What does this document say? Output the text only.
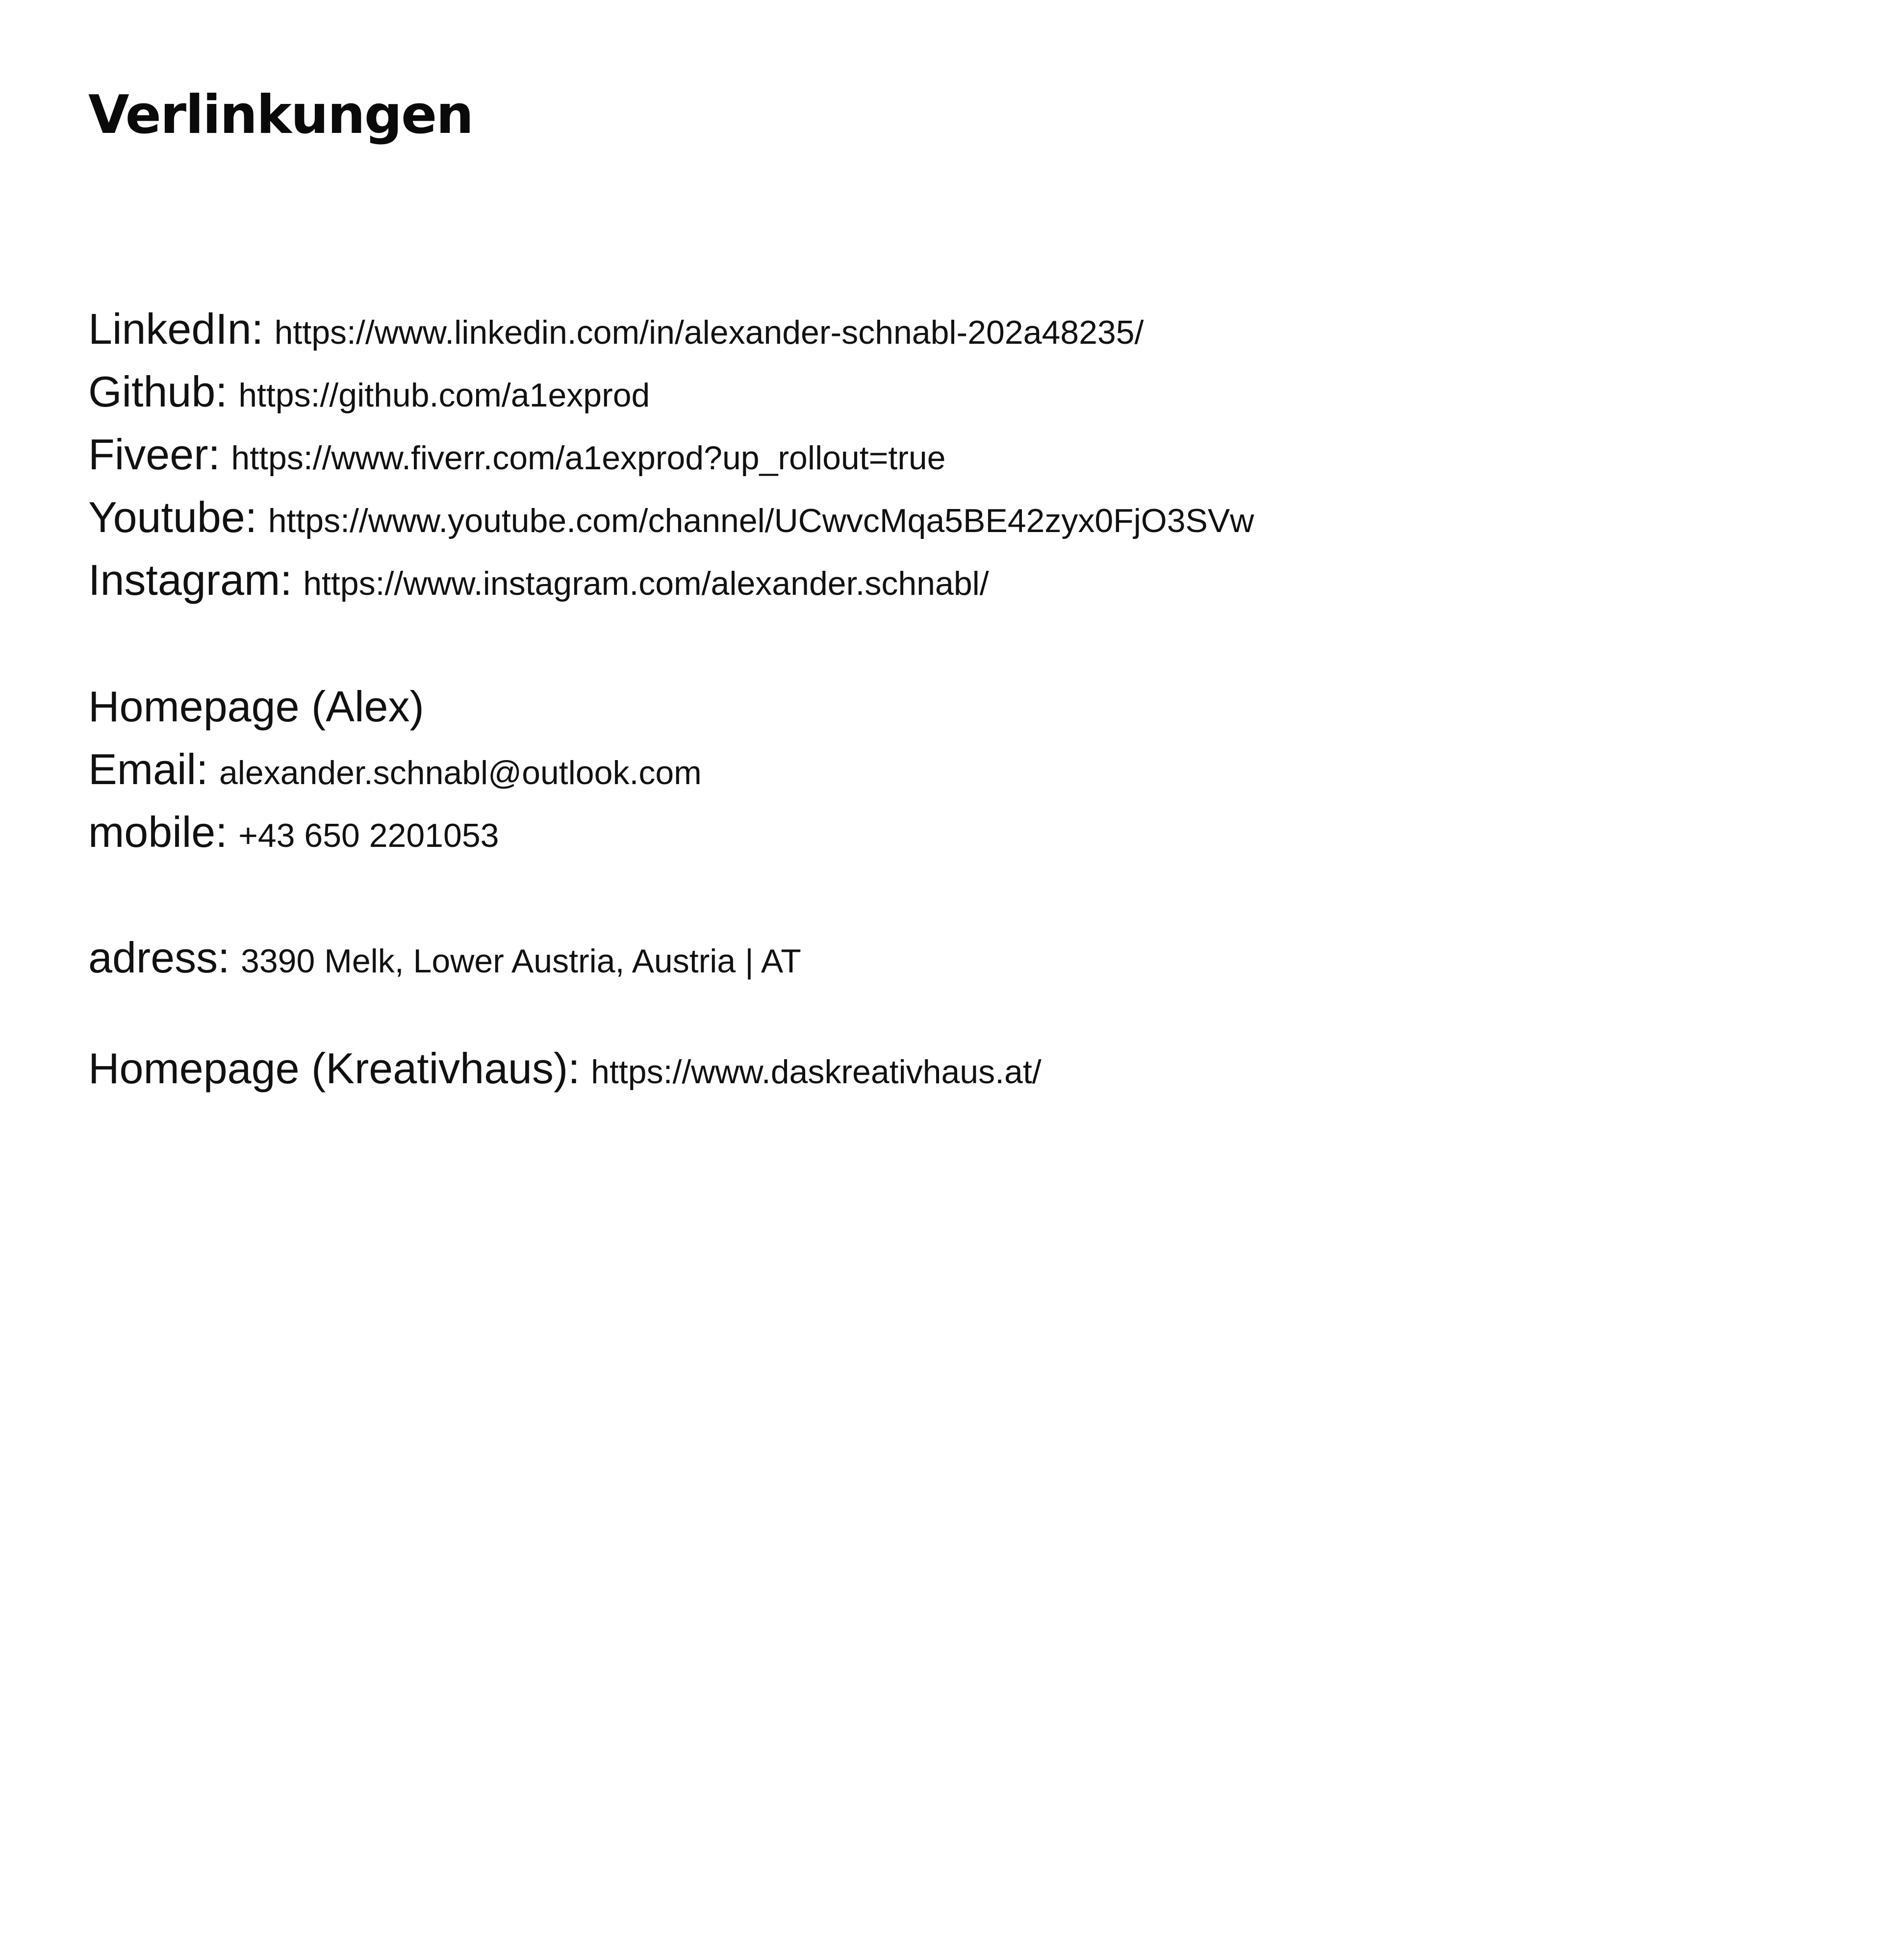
Verlinkungen
LinkedIn: https://www.linkedin.com/in/alexander-schnabl-202a48235/
Github: https://github.com/a1exprod
Fiveer: https://www.fiverr.com/a1exprod?up_rollout=true
Youtube: https://www.youtube.com/channel/UCwvcMqa5BE42zyx0FjO3SVw
Instagram: https://www.instagram.com/alexander.schnabl/
Homepage (Alex)
Email: alexander.schnabl@outlook.com
mobile: +43 650 2201053
adress: 3390 Melk, Lower Austria, Austria | AT
Homepage (Kreativhaus): https://www.daskreativhaus.at/
